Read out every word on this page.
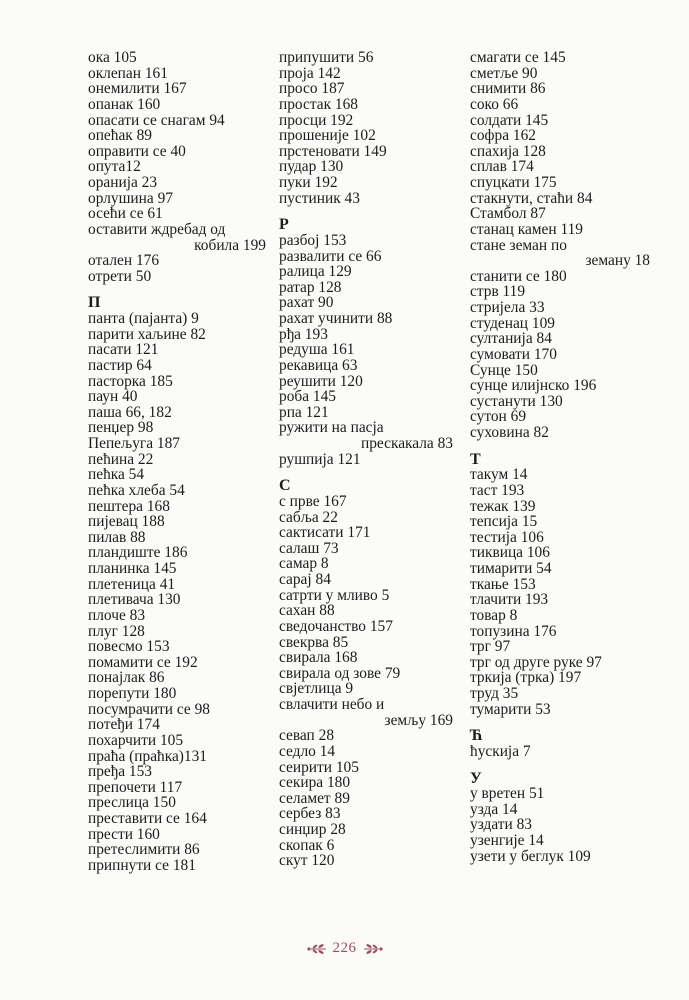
ока 105
оклепан 161
онемилити 167
опанак 160
опасати се снагам 94
опећак 89
оправити се 40
опута12
оранија 23
орлушина 97
осећи се 61
оставити ждребад од
кобила 199
отален 176
отрети 50
П
панта (пајанта) 9
парити хаљине 82
пасати 121
пастир 64
пасторка 185
паун 40
паша 66, 182
пенџер 98
Пепељуга 187
пећина 22
пећка 54
пећка хлеба 54
пештера 168
пијевац 188
пилав 88
пландиште 186
планинка 145
плетеница 41
плетивача 130
плоче 83
плуг 128
повесмо 153
помамити се 192
понајлак 86
порепути 180
посумрачити се 98
потеђи 174
похарчити 105
праћа (праћка)131
пређа 153
препочети 117
преслица 150
преставити се 164
прести 160
претеслимити 86
припнути се 181
припушити 56
проја 142
просо 187
простак 168
просци 192
прошеније 102
прстеновати 149
пудар 130
пуки 192
пустиник 43
Р
разбој 153
развалити се 66
ралица 129
ратар 128
рахат 90
рахат учинити 88
рђа 193
редуша 161
рекавица 63
реушити 120
роба 145
рпа 121
ружити на пасја
прескакала 83
рушпија 121
С
с прве 167
сабља 22
сактисати 171
салаш 73
самар 8
сарај 84
сатрти у мливо 5
сахан 88
сведочанство 157
свекрва 85
свирала 168
свирала од зове 79
свјетлица 9
свлачити небо и
земљу 169
севап 28
седло 14
сеирити 105
секира 180
селамет 89
сербез 83
синџир 28
скопак 6
скут 120
смагати се 145
сметље 90
снимити 86
соко 66
солдати 145
софра 162
спахија 128
сплав 174
спуцкати 175
стакнути, стаћи 84
Стамбол 87
станац камен 119
стане земан по
земану 18
станити се 180
стрв 119
стријела 33
студенац 109
султанија 84
сумовати 170
Сунце 150
сунце илијнско 196
сустанути 130
сутон 69
суховина 82
Т
такум 14
таст 193
тежак 139
тепсија 15
тестија 106
тиквица 106
тимарити 54
ткање 153
тлачити 193
товар 8
топузина 176
трг 97
трг од друге руке 97
тркија (трка) 197
труд 35
тумарити 53
Ћ
ћускија 7
У
у вретен 51
узда 14
уздати 83
узенгије 14
узети у беглук 109
226
